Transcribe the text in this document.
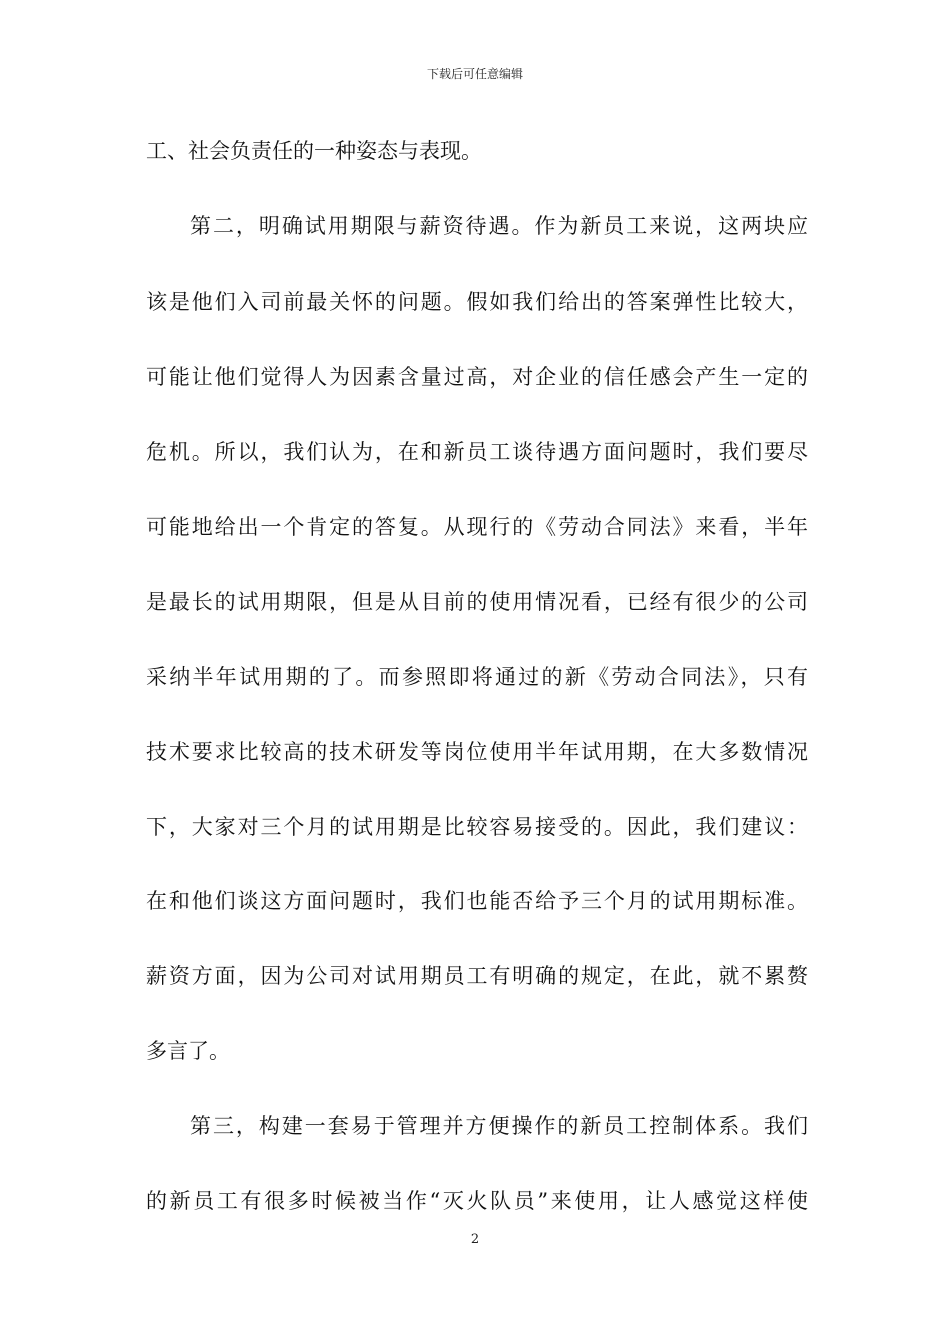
下载后可任意编辑
工、社会负责任的一种姿态与表现。
第二，明确试用期限与薪资待遇。作为新员工来说，这两块应
该是他们入司前最关怀的问题。假如我们给出的答案弹性比较大，
可能让他们觉得人为因素含量过高，对企业的信任感会产生一定的
危机。所以，我们认为，在和新员工谈待遇方面问题时，我们要尽
可能地给出一个肯定的答复。从现行的《劳动合同法》来看，半年
是最长的试用期限，但是从目前的使用情况看，已经有很少的公司
采纳半年试用期的了。而参照即将通过的新《劳动合同法》，只有
技术要求比较高的技术研发等岗位使用半年试用期，在大多数情况
下，大家对三个月的试用期是比较容易接受的。因此，我们建议：
在和他们谈这方面问题时，我们也能否给予三个月的试用期标准。
薪资方面，因为公司对试用期员工有明确的规定，在此，就不累赘
多言了。
第三，构建一套易于管理并方便操作的新员工控制体系。我们
的新员工有很多时候被当作“灭火队员”来使用，让人感觉这样使
2
